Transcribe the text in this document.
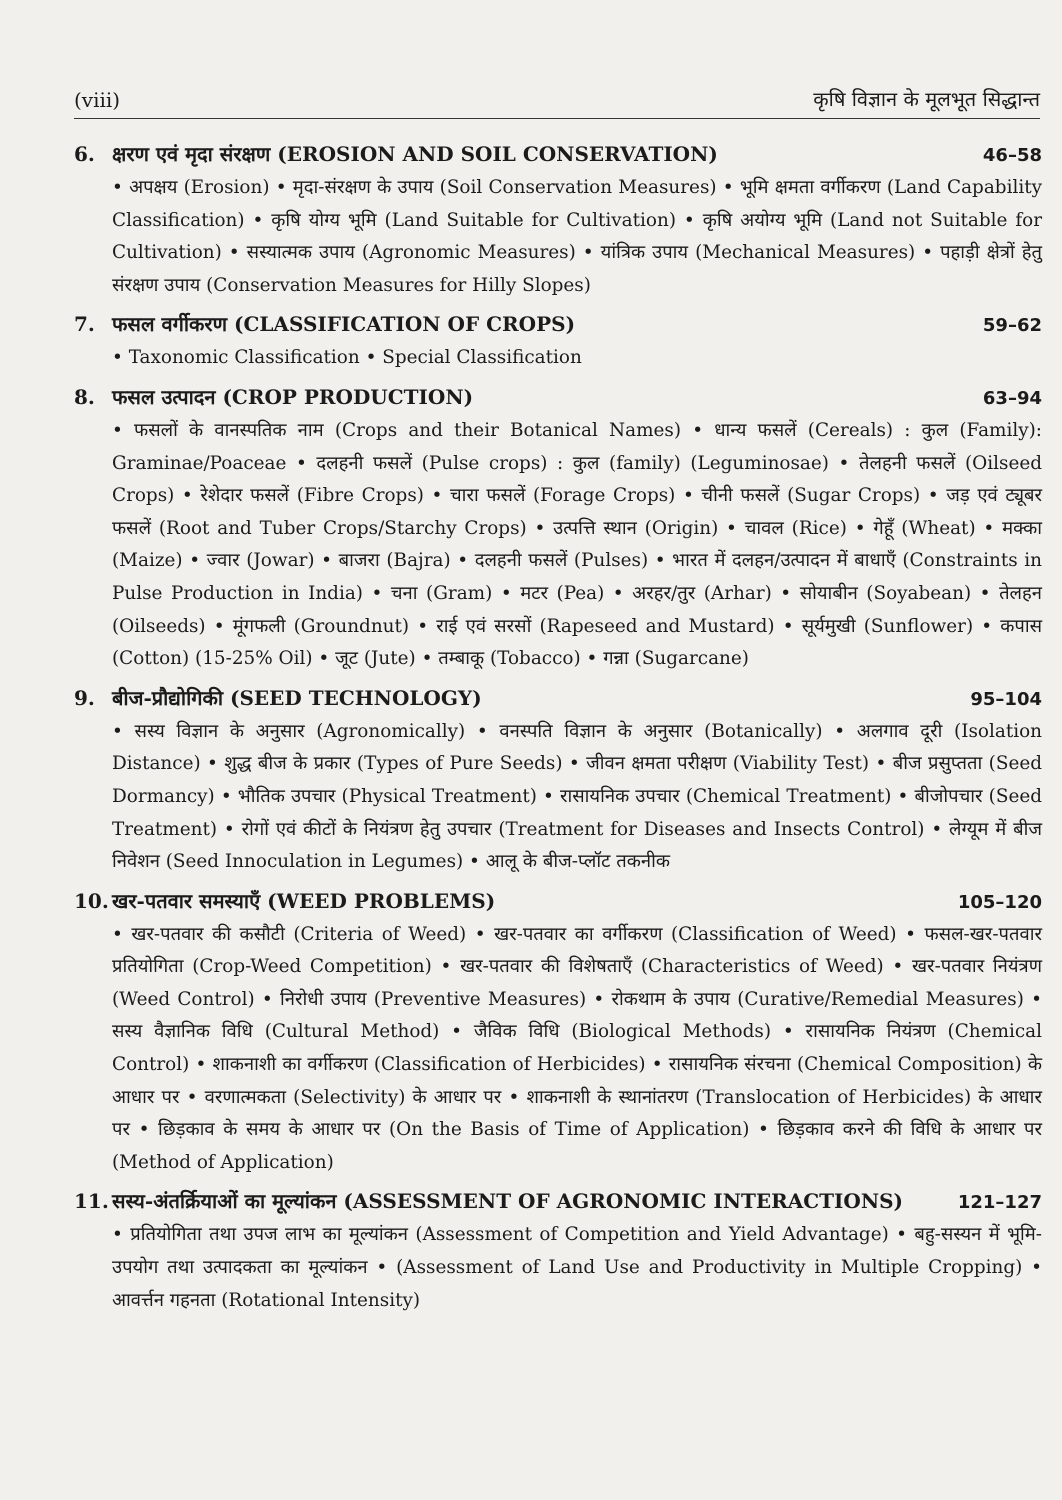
(viii)	कृषि विज्ञान के मूलभूत सिद्धान्त
6. क्षरण एवं मृदा संरक्षण (EROSION AND SOIL CONSERVATION)	46–58
• अपक्षय (Erosion) • मृदा-संरक्षण के उपाय (Soil Conservation Measures) • भूमि क्षमता वर्गीकरण (Land Capability Classification) • कृषि योग्य भूमि (Land Suitable for Cultivation) • कृषि अयोग्य भूमि (Land not Suitable for Cultivation) • सस्यात्मक उपाय (Agronomic Measures) • यांत्रिक उपाय (Mechanical Measures) • पहाड़ी क्षेत्रों हेतु संरक्षण उपाय (Conservation Measures for Hilly Slopes)
7. फसल वर्गीकरण (CLASSIFICATION OF CROPS)	59–62
• Taxonomic Classification • Special Classification
8. फसल उत्पादन (CROP PRODUCTION)	63–94
• फसलों के वानस्पतिक नाम (Crops and their Botanical Names) • धान्य फसलें (Cereals) : कुल (Family): Graminae/Poaceae • दलहनी फसलें (Pulse crops) : कुल (family) (Leguminosae) • तेलहनी फसलें (Oilseed Crops) • रेशेदार फसलें (Fibre Crops) • चारा फसलें (Forage Crops) • चीनी फसलें (Sugar Crops) • जड़ एवं ट्यूबर फसलें (Root and Tuber Crops/Starchy Crops) • उत्पत्ति स्थान (Origin) • चावल (Rice) • गेहूँ (Wheat) • मक्का (Maize) • ज्वार (Jowar) • बाजरा (Bajra) • दलहनी फसलें (Pulses) • भारत में दलहन/उत्पादन में बाधाएँ (Constraints in Pulse Production in India) • चना (Gram) • मटर (Pea) • अरहर/तुर (Arhar) • सोयाबीन (Soyabean) • तेलहन (Oilseeds) • मूंगफली (Groundnut) • राई एवं सरसों (Rapeseed and Mustard) • सूर्यमुखी (Sunflower) • कपास (Cotton) (15-25% Oil) • जूट (Jute) • तम्बाकू (Tobacco) • गन्ना (Sugarcane)
9. बीज-प्रौद्योगिकी (SEED TECHNOLOGY)	95–104
• सस्य विज्ञान के अनुसार (Agronomically) • वनस्पति विज्ञान के अनुसार (Botanically) • अलगाव दूरी (Isolation Distance) • शुद्ध बीज के प्रकार (Types of Pure Seeds) • जीवन क्षमता परीक्षण (Viability Test) • बीज प्रसुप्तता (Seed Dormancy) • भौतिक उपचार (Physical Treatment) • रासायनिक उपचार (Chemical Treatment) • बीजोपचार (Seed Treatment) • रोगों एवं कीटों के नियंत्रण हेतु उपचार (Treatment for Diseases and Insects Control) • लेग्यूम में बीज निवेशन (Seed Innoculation in Legumes) • आलू के बीज-प्लॉट तकनीक
10. खर-पतवार समस्याएँ (WEED PROBLEMS)	105–120
• खर-पतवार की कसौटी (Criteria of Weed) • खर-पतवार का वर्गीकरण (Classification of Weed) • फसल-खर-पतवार प्रतियोगिता (Crop-Weed Competition) • खर-पतवार की विशेषताएँ (Characteristics of Weed) • खर-पतवार नियंत्रण (Weed Control) • निरोधी उपाय (Preventive Measures) • रोकथाम के उपाय (Curative/Remedial Measures) • सस्य वैज्ञानिक विधि (Cultural Method) • जैविक विधि (Biological Methods) • रासायनिक नियंत्रण (Chemical Control) • शाकनाशी का वर्गीकरण (Classification of Herbicides) • रासायनिक संरचना (Chemical Composition) के आधार पर • वरणात्मकता (Selectivity) के आधार पर • शाकनाशी के स्थानांतरण (Translocation of Herbicides) के आधार पर • छिड़काव के समय के आधार पर (On the Basis of Time of Application) • छिड़काव करने की विधि के आधार पर (Method of Application)
11. सस्य-अंतर्क्रियाओं का मूल्यांकन (ASSESSMENT OF AGRONOMIC INTERACTIONS)	121–127
• प्रतियोगिता तथा उपज लाभ का मूल्यांकन (Assessment of Competition and Yield Advantage) • बहु-सस्यन में भूमि-उपयोग तथा उत्पादकता का मूल्यांकन • (Assessment of Land Use and Productivity in Multiple Cropping) • आवर्त्तन गहनता (Rotational Intensity)
